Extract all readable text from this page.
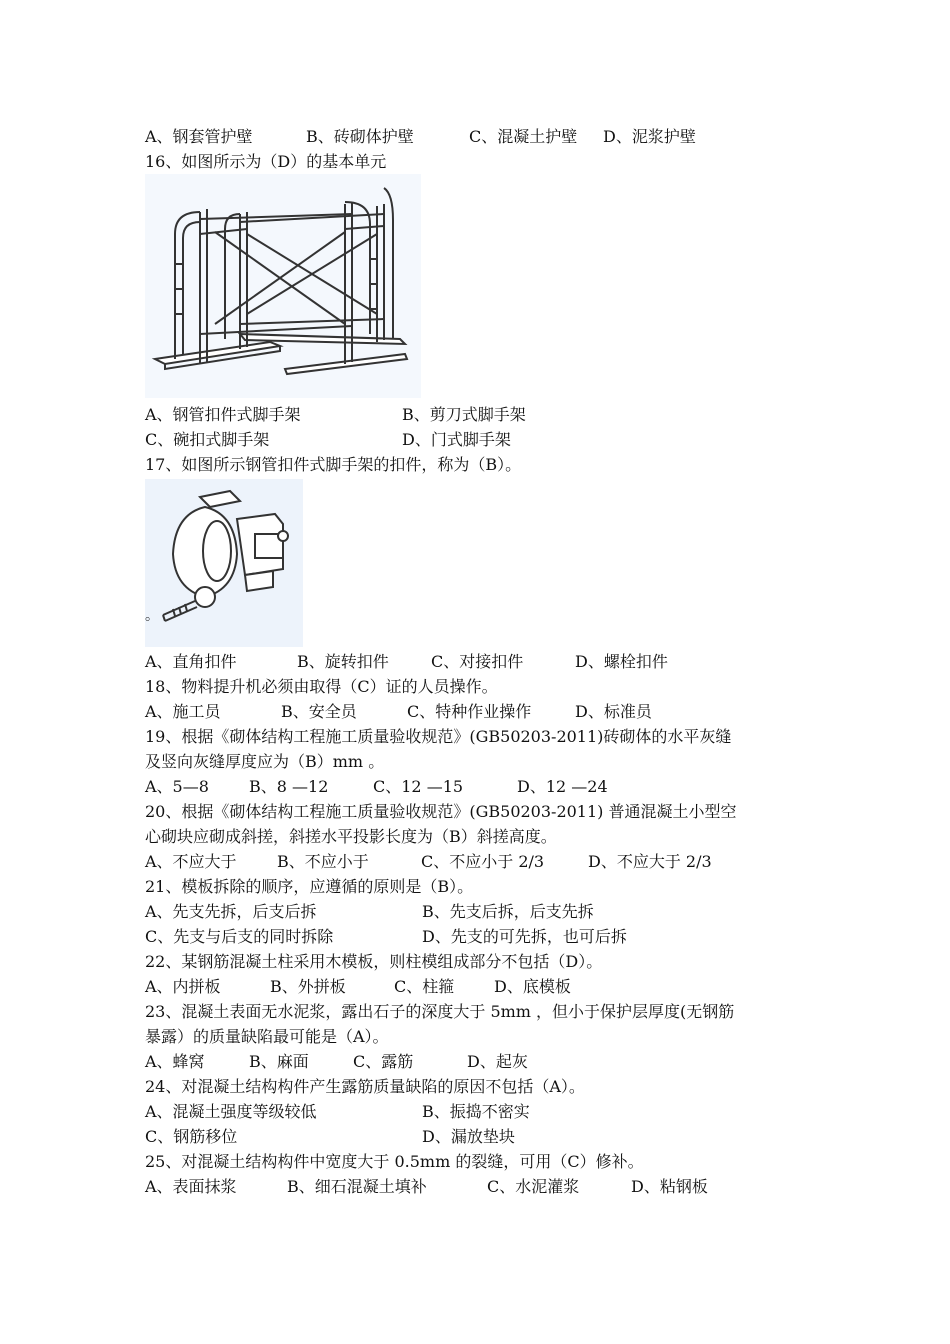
A、钢套管护壁	B、砖砌体护壁	C、混凝土护壁 D、泥浆护壁
16、如图所示为（D）的基本单元
A、钢管扣件式脚手架	B、剪刀式脚手架
C、碗扣式脚手架	D、门式脚手架
17、如图所示钢管扣件式脚手架的扣件，称为（B）。
。
A、直角扣件	B、旋转扣件	C、对接扣件	D、螺栓扣件
18、物料提升机必须由取得（C）证的人员操作。
A、施工员	B、安全员	C、特种作业操作	D、标准员
19、根据《砌体结构工程施工质量验收规范》(GB50203-2011)砖砌体的水平灰缝
及竖向灰缝厚度应为（B）mm 。
A、5—8	B、8 —12	C、12 —15	D、12 —24
20、根据《砌体结构工程施工质量验收规范》(GB50203-2011) 普通混凝土小型空
心砌块应砌成斜搓，斜搓水平投影长度为（B）斜搓高度。
A、不应大于	B、不应小于	C、不应小于 2/3	D、不应大于 2/3
21、模板拆除的顺序，应遵循的原则是（B）。
A、先支先拆，后支后拆	B、先支后拆，后支先拆
C、先支与后支的同时拆除	D、先支的可先拆，也可后拆
22、某钢筋混凝土柱采用木模板，则柱模组成部分不包括（D）。
A、内拼板	B、外拼板	C、柱箍 D、底模板
23、混凝土表面无水泥浆，露出石子的深度大于 5mm ，但小于保护层厚度(无钢筋
暴露）的质量缺陷最可能是（A）。
A、蜂窝	B、麻面	C、露筋	D、起灰
24、对混凝土结构构件产生露筋质量缺陷的原因不包括（A）。
A、混凝土强度等级较低	B、振捣不密实
C、钢筋移位	D、漏放垫块
25、对混凝土结构构件中宽度大于 0.5mm 的裂缝，可用（C）修补。
A、表面抹浆	B、细石混凝土填补	C、水泥灌浆	D、粘钢板
